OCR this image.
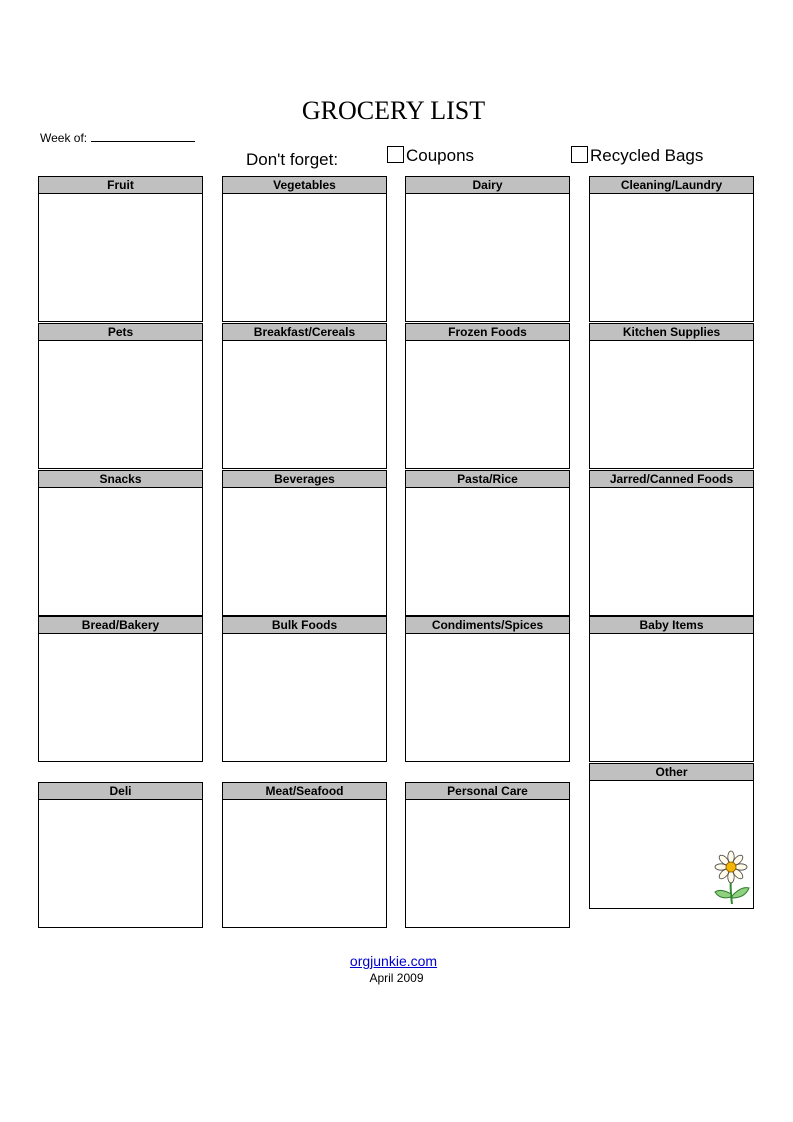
GROCERY LIST
Week of:
Don't forget:	Coupons	Recycled Bags
Fruit	Vegetables	Dairy	Cleaning/Laundry
Pets	Breakfast/Cereals	Frozen Foods	Kitchen Supplies
Snacks	Beverages	Pasta/Rice	Jarred/Canned Foods
Bread/Bakery	Bulk Foods	Condiments/Spices	Baby Items
Deli	Meat/Seafood	Personal Care
Other
orgjunkie.com
April 2009
